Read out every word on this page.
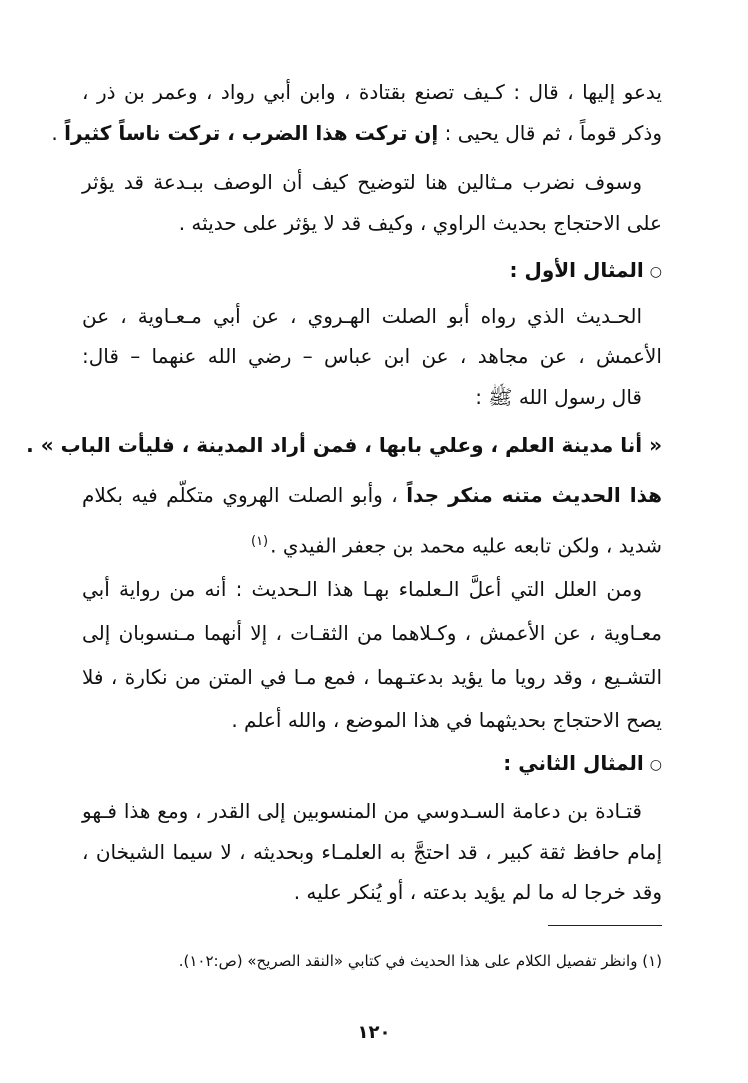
يدعو إليها ، قال : كـيف تصنع بقتادة ، وابن أبي رواد ، وعمر بن ذر ،
وذكر قوماً ، ثم قال يحيى : إن تركت هذا الضرب ، تركت ناساً كثيراً .
وسوف نضرب مـثالين هنا لتوضيح كيف أن الوصف ببـدعة قد يؤثر
على الاحتجاج بحديث الراوي ، وكيف قد لا يؤثر على حديثه .
○المثال الأول :
الحـديث الذي رواه أبو الصلت الهـروي ، عن أبي مـعـاوية ، عن
الأعمش ، عن مجاهد ، عن ابن عباس – رضي الله عنهما – قال:
قال رسول الله ﷺ :
« أنا مدينة العلم ، وعلي بابها ، فمن أراد المدينة ، فليأت الباب » .
هذا الحديث متنه منكر جداً ، وأبو الصلت الهروي متكلّم فيه بكلام
شديد ، ولكن تابعه عليه محمد بن جعفر الفيدي .$^{(١)}$
ومن العلل التي أعلَّ الـعلماء بهـا هذا الـحديث : أنه من رواية أبي
معـاوية ، عن الأعمش ، وكـلاهما من الثقـات ، إلا أنهما مـنسوبان إلى
التشـيع ، وقد رويا ما يؤيد بدعتـهما ، فمع مـا في المتن من نكارة ، فلا
يصح الاحتجاج بحديثهما في هذا الموضع ، والله أعلم .
○المثال الثاني :
قتـادة بن دعامة السـدوسي من المنسوبين إلى القدر ، ومع هذا فـهو
إمام حافظ ثقة كبير ، قد احتجَّ به العلمـاء وبحديثه ، لا سيما الشيخان ،
وقد خرجا له ما لم يؤيد بدعته ، أو يُنكر عليه .
(١) وانظر تفصيل الكلام على هذا الحديث في كتابي «النقد الصريح» (ص:١٠٢).
١٢٠
